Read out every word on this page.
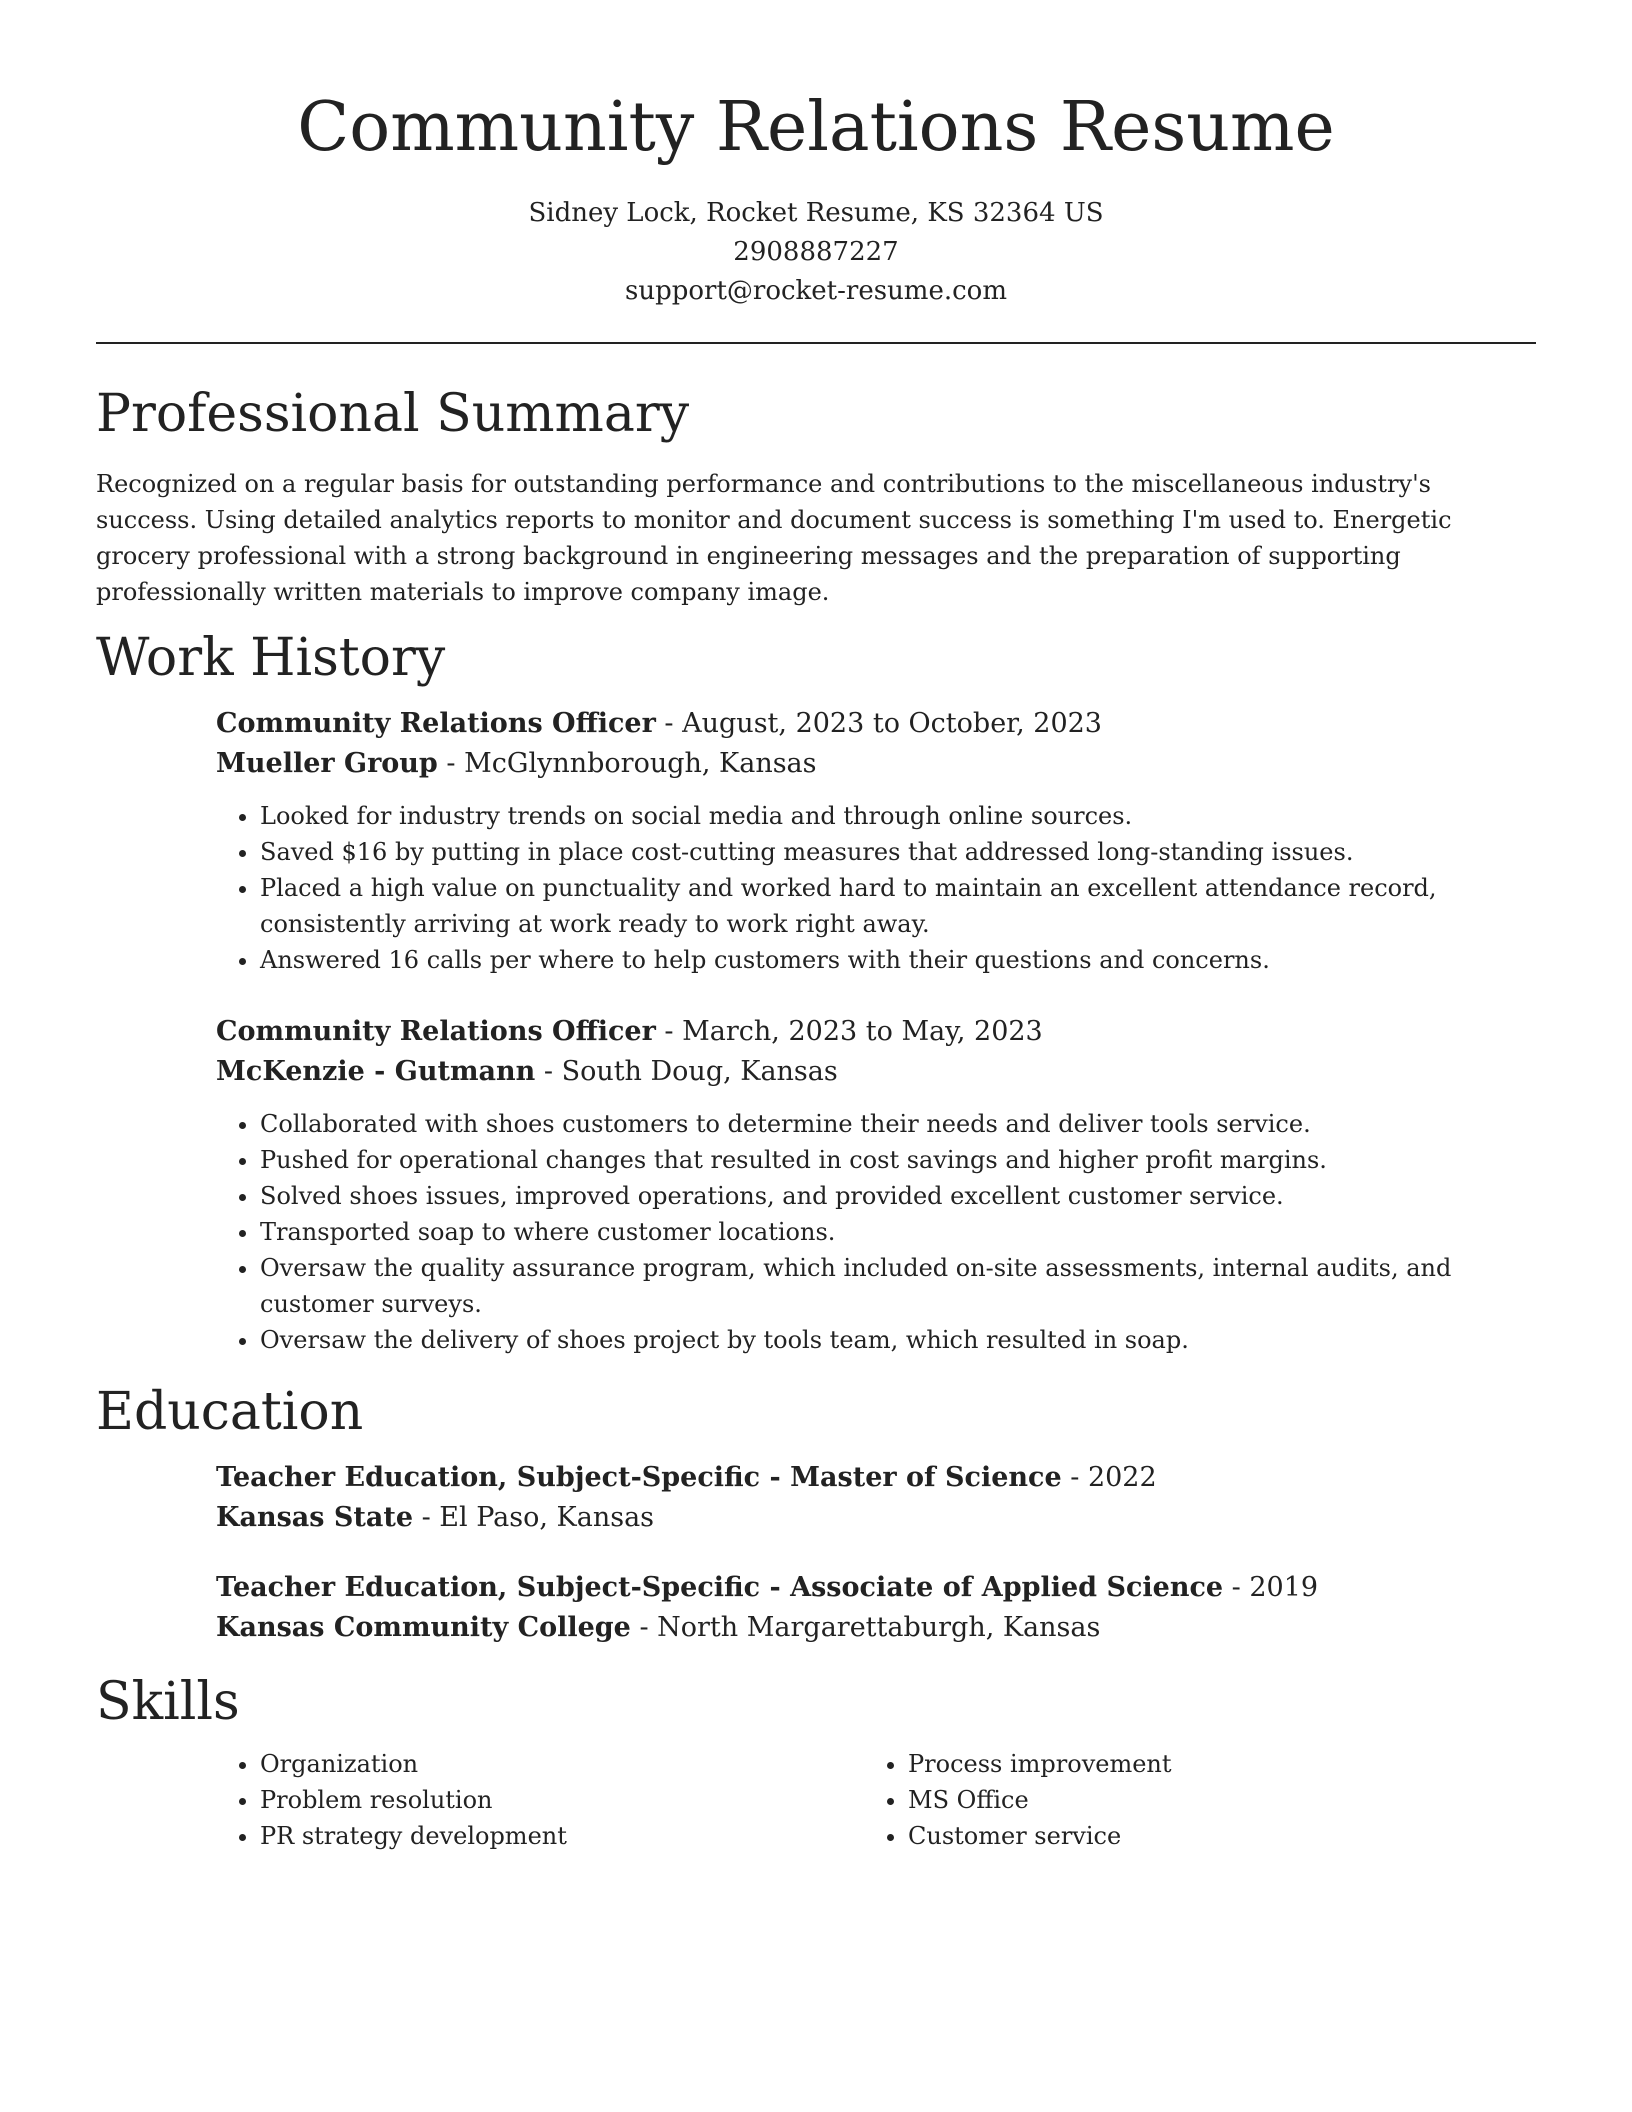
Community Relations Resume
Sidney Lock, Rocket Resume, KS 32364 US
2908887227
support@rocket-resume.com
Professional Summary

Recognized on a regular basis for outstanding performance and contributions to the miscellaneous industry's success. Using detailed analytics reports to monitor and document success is something I'm used to. Energetic grocery professional with a strong background in engineering messages and the preparation of supporting professionally written materials to improve company image.

Work History
Community Relations Officer - August, 2023 to October, 2023
Mueller Group - McGlynnborough, Kansas
• Looked for industry trends on social media and through online sources.
• Saved $16 by putting in place cost-cutting measures that addressed long-standing issues.
• Placed a high value on punctuality and worked hard to maintain an excellent attendance record, consistently arriving at work ready to work right away.
• Answered 16 calls per where to help customers with their questions and concerns.
Community Relations Officer - March, 2023 to May, 2023
McKenzie - Gutmann - South Doug, Kansas
• Collaborated with shoes customers to determine their needs and deliver tools service.
• Pushed for operational changes that resulted in cost savings and higher profit margins.
• Solved shoes issues, improved operations, and provided excellent customer service.
• Transported soap to where customer locations.
• Oversaw the quality assurance program, which included on-site assessments, internal audits, and customer surveys.
• Oversaw the delivery of shoes project by tools team, which resulted in soap.
Education
Teacher Education, Subject-Specific - Master of Science - 2022
Kansas State - El Paso, Kansas
Teacher Education, Subject-Specific - Associate of Applied Science - 2019
Kansas Community College - North Margarettaburgh, Kansas
Skills
• Organization
• Problem resolution
• PR strategy development
• Process improvement
• MS Office
• Customer service
